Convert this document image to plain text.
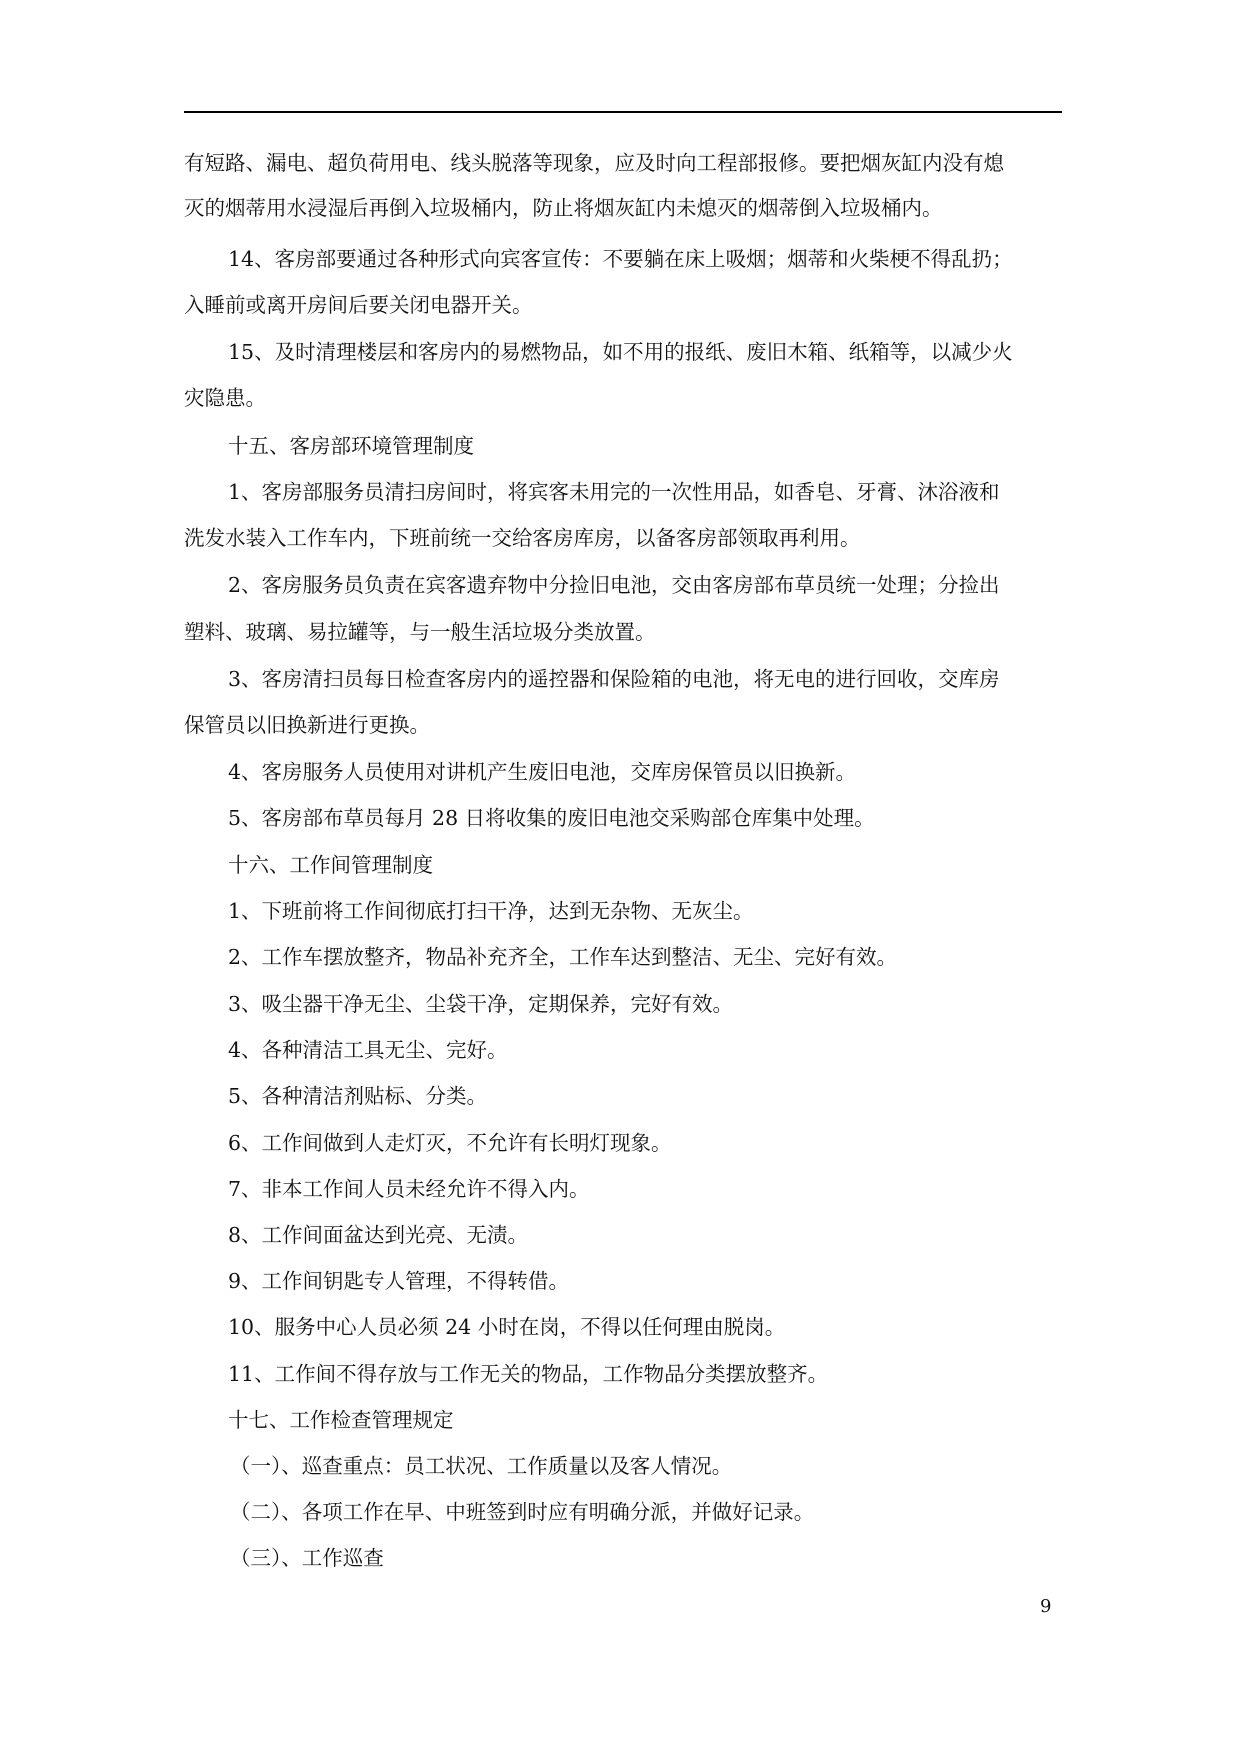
有短路、漏电、超负荷用电、线头脱落等现象，应及时向工程部报修。要把烟灰缸内没有熄
灭的烟蒂用水浸湿后再倒入垃圾桶内，防止将烟灰缸内未熄灭的烟蒂倒入垃圾桶内。
14、客房部要通过各种形式向宾客宣传：不要躺在床上吸烟；烟蒂和火柴梗不得乱扔；
入睡前或离开房间后要关闭电器开关。
15、及时清理楼层和客房内的易燃物品，如不用的报纸、废旧木箱、纸箱等，以减少火
灾隐患。
十五、客房部环境管理制度
1、客房部服务员清扫房间时，将宾客未用完的一次性用品，如香皂、牙膏、沐浴液和
洗发水装入工作车内，下班前统一交给客房库房，以备客房部领取再利用。
2、客房服务员负责在宾客遗弃物中分捡旧电池，交由客房部布草员统一处理；分捡出
塑料、玻璃、易拉罐等，与一般生活垃圾分类放置。
3、客房清扫员每日检查客房内的遥控器和保险箱的电池，将无电的进行回收，交库房
保管员以旧换新进行更换。
4、客房服务人员使用对讲机产生废旧电池，交库房保管员以旧换新。
5、客房部布草员每月 28 日将收集的废旧电池交采购部仓库集中处理。
十六、工作间管理制度
1、下班前将工作间彻底打扫干净，达到无杂物、无灰尘。
2、工作车摆放整齐，物品补充齐全，工作车达到整洁、无尘、完好有效。
3、吸尘器干净无尘、尘袋干净，定期保养，完好有效。
4、各种清洁工具无尘、完好。
5、各种清洁剂贴标、分类。
6、工作间做到人走灯灭，不允许有长明灯现象。
7、非本工作间人员未经允许不得入内。
8、工作间面盆达到光亮、无渍。
9、工作间钥匙专人管理，不得转借。
10、服务中心人员必须 24 小时在岗，不得以任何理由脱岗。
11、工作间不得存放与工作无关的物品，工作物品分类摆放整齐。
十七、工作检查管理规定
（一）、巡查重点：员工状况、工作质量以及客人情况。
（二）、各项工作在早、中班签到时应有明确分派，并做好记录。
（三）、工作巡查
9
